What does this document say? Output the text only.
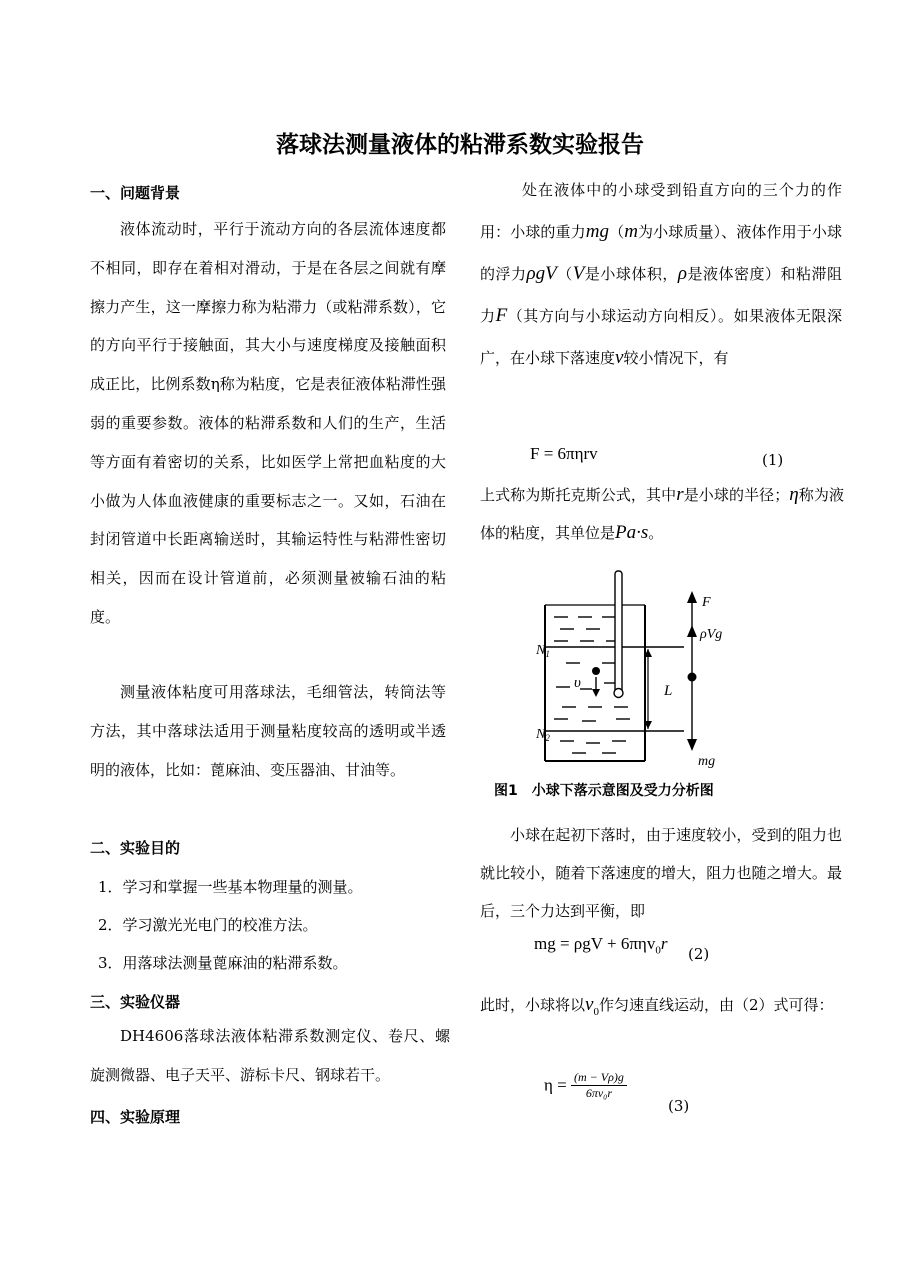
落球法测量液体的粘滞系数实验报告
一、问题背景

液体流动时，平行于流动方向的各层流体速度都不相同，即存在着相对滑动，于是在各层之间就有摩擦力产生，这一摩擦力称为粘滞力（或粘滞系数），它的方向平行于接触面，其大小与速度梯度及接触面积成正比，比例系数η称为粘度，它是表征液体粘滞性强弱的重要参数。液体的粘滞系数和人们的生产，生活等方面有着密切的关系，比如医学上常把血粘度的大小做为人体血液健康的重要标志之一。又如，石油在封闭管道中长距离输送时，其输运特性与粘滞性密切相关，因而在设计管道前，必须测量被输石油的粘度。

测量液体粘度可用落球法，毛细管法，转筒法等方法，其中落球法适用于测量粘度较高的透明或半透明的液体，比如：蓖麻油、变压器油、甘油等。

二、实验目的
1．学习和掌握一些基本物理量的测量。
2．学习激光光电门的校准方法。
3．用落球法测量蓖麻油的粘滞系数。
三、实验仪器

DH4606落球法液体粘滞系数测定仪、卷尺、螺旋测微器、电子天平、游标卡尺、钢球若干。

四、实验原理

处在液体中的小球受到铅直方向的三个力的作用：小球的重力mg（m为小球质量）、液体作用于小球的浮力ρgV（V是小球体积，ρ是液体密度）和粘滞阻力F（其方向与小球运动方向相反）。如果液体无限深广，在小球下落速度v较小情况下，有

F = 6πηrv	(1)

上式称为斯托克斯公式，其中r是小球的半径；η称为液体的粘度，其单位是Pa·s。

F
ρVg
$N_1$
$N_2$
υ	L
mg
图1　小球下落示意图及受力分析图

小球在起初下落时，由于速度较小，受到的阻力也就比较小，随着下落速度的增大，阻力也随之增大。最后，三个力达到平衡，即

mg = ρgV + 6πηv$_0$r
(2)

此时，小球将以$v_0$作匀速直线运动，由（2）式可得：

$\eta = \frac{(m - V\rho)g}{\text{6πv₀r}}$
(3)
